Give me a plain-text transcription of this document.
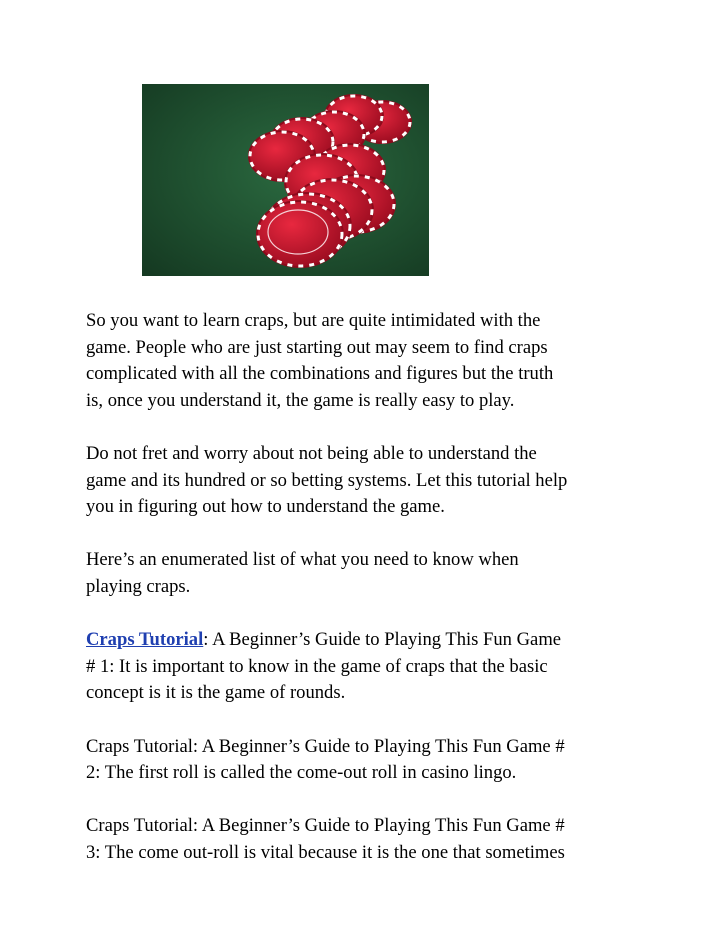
So you want to learn craps, but are quite intimidated with the
game. People who are just starting out may seem to find craps
complicated with all the combinations and figures but the truth
is, once you understand it, the game is really easy to play.

Do not fret and worry about not being able to understand the
game and its hundred or so betting systems. Let this tutorial help
you in figuring out how to understand the game.

Here’s an enumerated list of what you need to know when
playing craps.

Craps Tutorial: A Beginner’s Guide to Playing This Fun Game
# 1: It is important to know in the game of craps that the basic
concept is it is the game of rounds.

Craps Tutorial: A Beginner’s Guide to Playing This Fun Game #
2: The first roll is called the come-out roll in casino lingo.

Craps Tutorial: A Beginner’s Guide to Playing This Fun Game #
3: The come out-roll is vital because it is the one that sometimes
